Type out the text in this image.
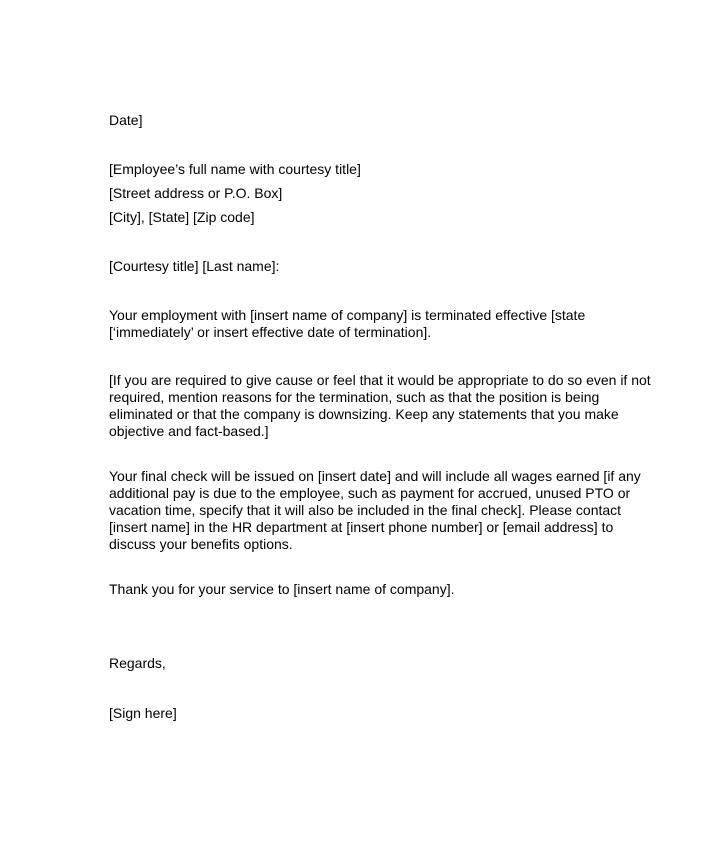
Date]
[Employee’s full name with courtesy title]
[Street address or P.O. Box]
[City], [State] [Zip code]
[Courtesy title] [Last name]:
Your employment with [insert name of company] is terminated effective [state
[‘immediately’ or insert effective date of termination].
[If you are required to give cause or feel that it would be appropriate to do so even if not
required, mention reasons for the termination, such as that the position is being
eliminated or that the company is downsizing. Keep any statements that you make
objective and fact-based.]
Your final check will be issued on [insert date] and will include all wages earned [if any
additional pay is due to the employee, such as payment for accrued, unused PTO or
vacation time, specify that it will also be included in the final check]. Please contact
[insert name] in the HR department at [insert phone number] or [email address] to
discuss your benefits options.
Thank you for your service to [insert name of company].
Regards,
[Sign here]
